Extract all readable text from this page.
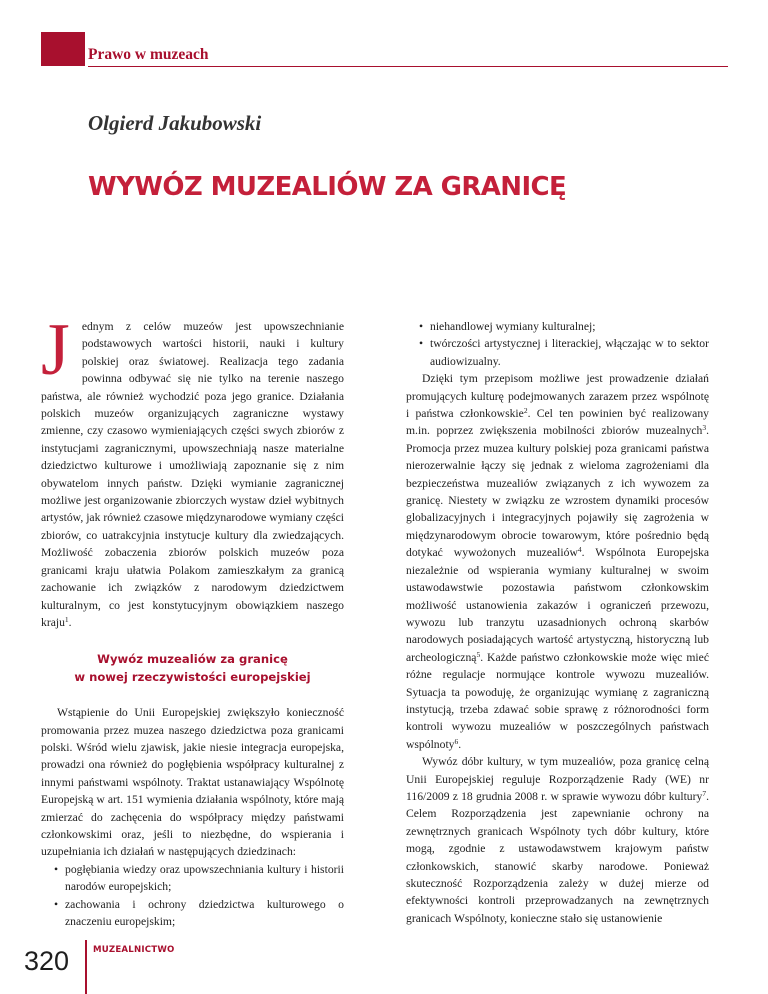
Prawo w muzeach
Olgierd Jakubowski
WYWÓZ MUZEALIÓW ZA GRANICĘ

J	ednym z celów muzeów jest upowszechnianie podstawowych wartości historii, nauki i kultury polskiej oraz światowej. Realizacja tego zadania powinna odbywać się nie tylko na terenie naszego państwa, ale również wychodzić poza jego granice. Działania polskich muzeów organizujących zagraniczne wystawy zmienne, czy czasowo wymieniających części swych zbiorów z instytucjami zagranicznymi, upowszechniają nasze materialne dziedzictwo kulturowe i umożliwiają zapoznanie się z nim obywatelom innych państw. Dzięki wymianie zagranicznej możliwe jest organizowanie zbiorczych wystaw dzieł wybitnych artystów, jak również czasowe międzynarodowe wymiany części zbiorów, co uatrakcyjnia instytucje kultury dla zwiedzających. Możliwość zobaczenia zbiorów polskich muzeów poza granicami kraju ułatwia Polakom zamieszkałym za granicą zachowanie ich związków z narodowym dziedzictwem kulturalnym, co jest konstytucyjnym obowiązkiem naszego kraju$^1$.

Wywóz muzealiów za granicę
w nowej rzeczywistości europejskiej

Wstąpienie do Unii Europejskiej zwiększyło konieczność promowania przez muzea naszego dziedzictwa poza granicami polski. Wśród wielu zjawisk, jakie niesie integracja europejska, prowadzi ona również do pogłębienia współpracy kulturalnej z innymi państwami wspólnoty. Traktat ustanawiający Wspólnotę Europejską w art. 151 wymienia działania wspólnoty, które mają zmierzać do zachęcenia do współpracy między państwami członkowskimi oraz, jeśli to niezbędne, do wspierania i uzupełniania ich działań w następujących dziedzinach:

• pogłębiania wiedzy oraz upowszechniania kultury i historii narodów europejskich;
• zachowania i ochrony dziedzictwa kulturowego o znaczeniu europejskim;
• niehandlowej wymiany kulturalnej;
• twórczości artystycznej i literackiej, włączając w to sektor audiowizualny.

Dzięki tym przepisom możliwe jest prowadzenie działań promujących kulturę podejmowanych zarazem przez wspólnotę i państwa członkowskie$^2$. Cel ten powinien być realizowany m.in. poprzez zwiększenia mobilności zbiorów muzealnych$^3$. Promocja przez muzea kultury polskiej poza granicami państwa nierozerwalnie łączy się jednak z wieloma zagrożeniami dla bezpieczeństwa muzealiów związanych z ich wywozem za granicę. Niestety w związku ze wzrostem dynamiki procesów globalizacyjnych i integracyjnych pojawiły się zagrożenia w międzynarodowym obrocie towarowym, które pośrednio będą dotykać wywożonych muzealiów$^4$. Wspólnota Europejska niezależnie od wspierania wymiany kulturalnej w swoim ustawodawstwie pozostawia państwom członkowskim możliwość ustanowienia zakazów i ograniczeń przewozu, wywozu lub tranzytu uzasadnionych ochroną skarbów narodowych posiadających wartość artystyczną, historyczną lub archeologiczną$^5$. Każde państwo członkowskie może więc mieć różne regulacje normujące kontrole wywozu muzealiów. Sytuacja ta powoduję, że organizując wymianę z zagraniczną instytucją, trzeba zdawać sobie sprawę z różnorodności form kontroli wywozu muzealiów w poszczególnych państwach wspólnoty$^6$.

Wywóz dóbr kultury, w tym muzealiów, poza granicę celną Unii Europejskiej reguluje Rozporządzenie Rady (WE) nr 116/2009 z 18 grudnia 2008 r. w sprawie wywozu dóbr kultury$^7$. Celem Rozporządzenia jest zapewnianie ochrony na zewnętrznych granicach Wspólnoty tych dóbr kultury, które mogą, zgodnie z ustawodawstwem krajowym państw członkowskich, stanowić skarby narodowe. Ponieważ skuteczność Rozporządzenia zależy w dużej mierze od efektywności kontroli przeprowadzanych na zewnętrznych granicach Wspólnoty, konieczne stało się ustanowienie

320	MUZEALNICTWO
